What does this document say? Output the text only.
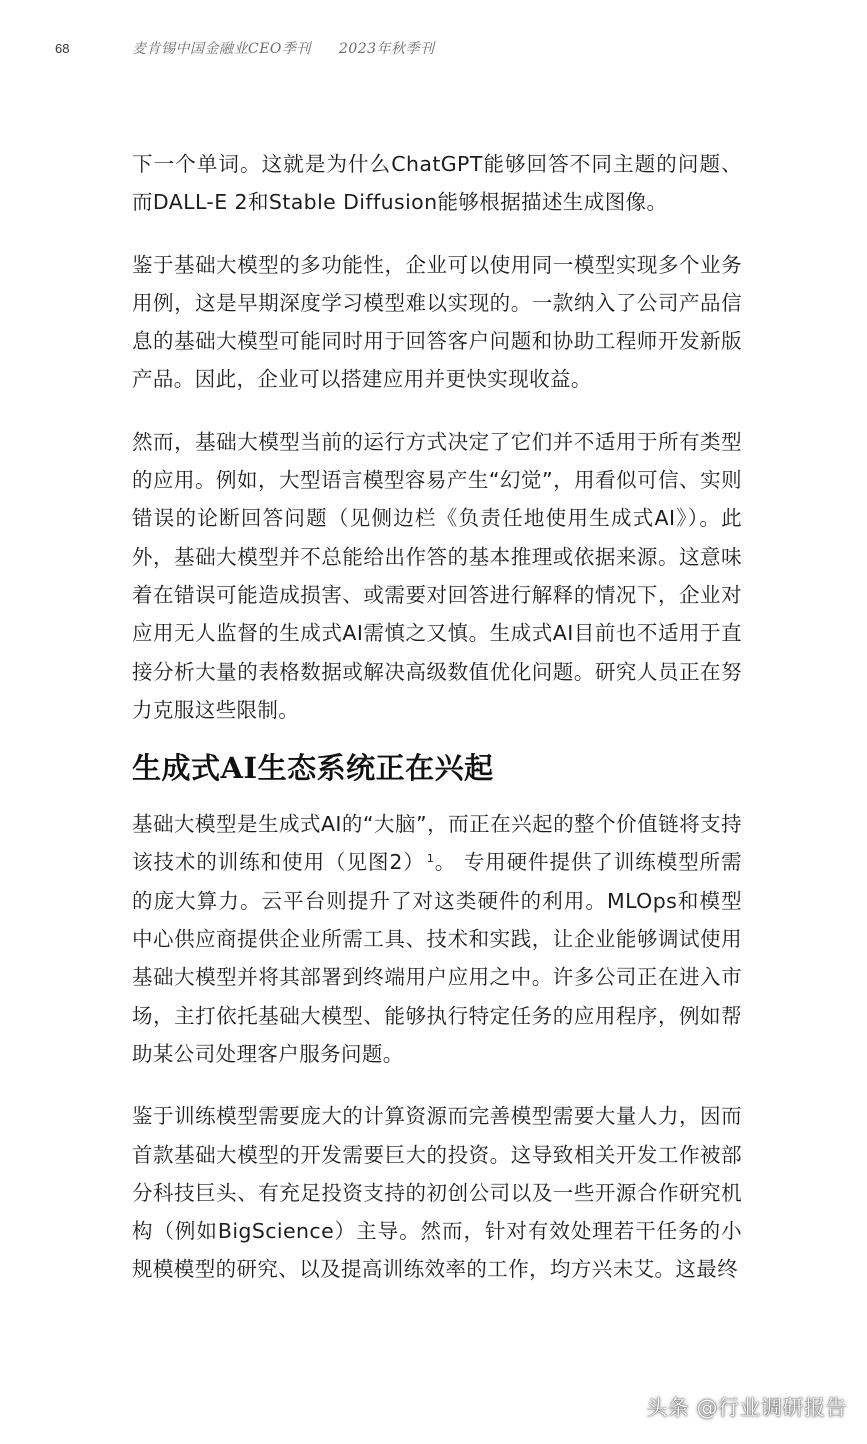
68	麦肯锡中国金融业CEO季刊 2023年秋季刊

下一个单词。这就是为什么ChatGPT能够回答不同主题的问题、而DALL-E 2和Stable Diffusion能够根据描述生成图像。

鉴于基础大模型的多功能性，企业可以使用同一模型实现多个业务用例，这是早期深度学习模型难以实现的。一款纳入了公司产品信息的基础大模型可能同时用于回答客户问题和协助工程师开发新版产品。因此，企业可以搭建应用并更快实现收益。

然而，基础大模型当前的运行方式决定了它们并不适用于所有类型的应用。例如，大型语言模型容易产生“幻觉”，用看似可信、实则错误的论断回答问题（见侧边栏《负责任地使用生成式AI》）。此外，基础大模型并不总能给出作答的基本推理或依据来源。这意味着在错误可能造成损害、或需要对回答进行解释的情况下，企业对应用无人监督的生成式AI需慎之又慎。生成式AI目前也不适用于直接分析大量的表格数据或解决高级数值优化问题。研究人员正在努力克服这些限制。

生成式AI生态系统正在兴起

基础大模型是生成式AI的“大脑”，而正在兴起的整个价值链将支持该技术的训练和使用（见图2） $^1$。 专用硬件提供了训练模型所需的庞大算力。云平台则提升了对这类硬件的利用。MLOps和模型中心供应商提供企业所需工具、技术和实践，让企业能够调试使用基础大模型并将其部署到终端用户应用之中。许多公司正在进入市场，主打依托基础大模型、能够执行特定任务的应用程序，例如帮助某公司处理客户服务问题。

鉴于训练模型需要庞大的计算资源而完善模型需要大量人力，因而首款基础大模型的开发需要巨大的投资。这导致相关开发工作被部分科技巨头、有充足投资支持的初创公司以及一些开源合作研究机构（例如BigScience）主导。然而，针对有效处理若干任务的小规模模型的研究、以及提高训练效率的工作，均方兴未艾。这最终

头条 @行业调研报告
